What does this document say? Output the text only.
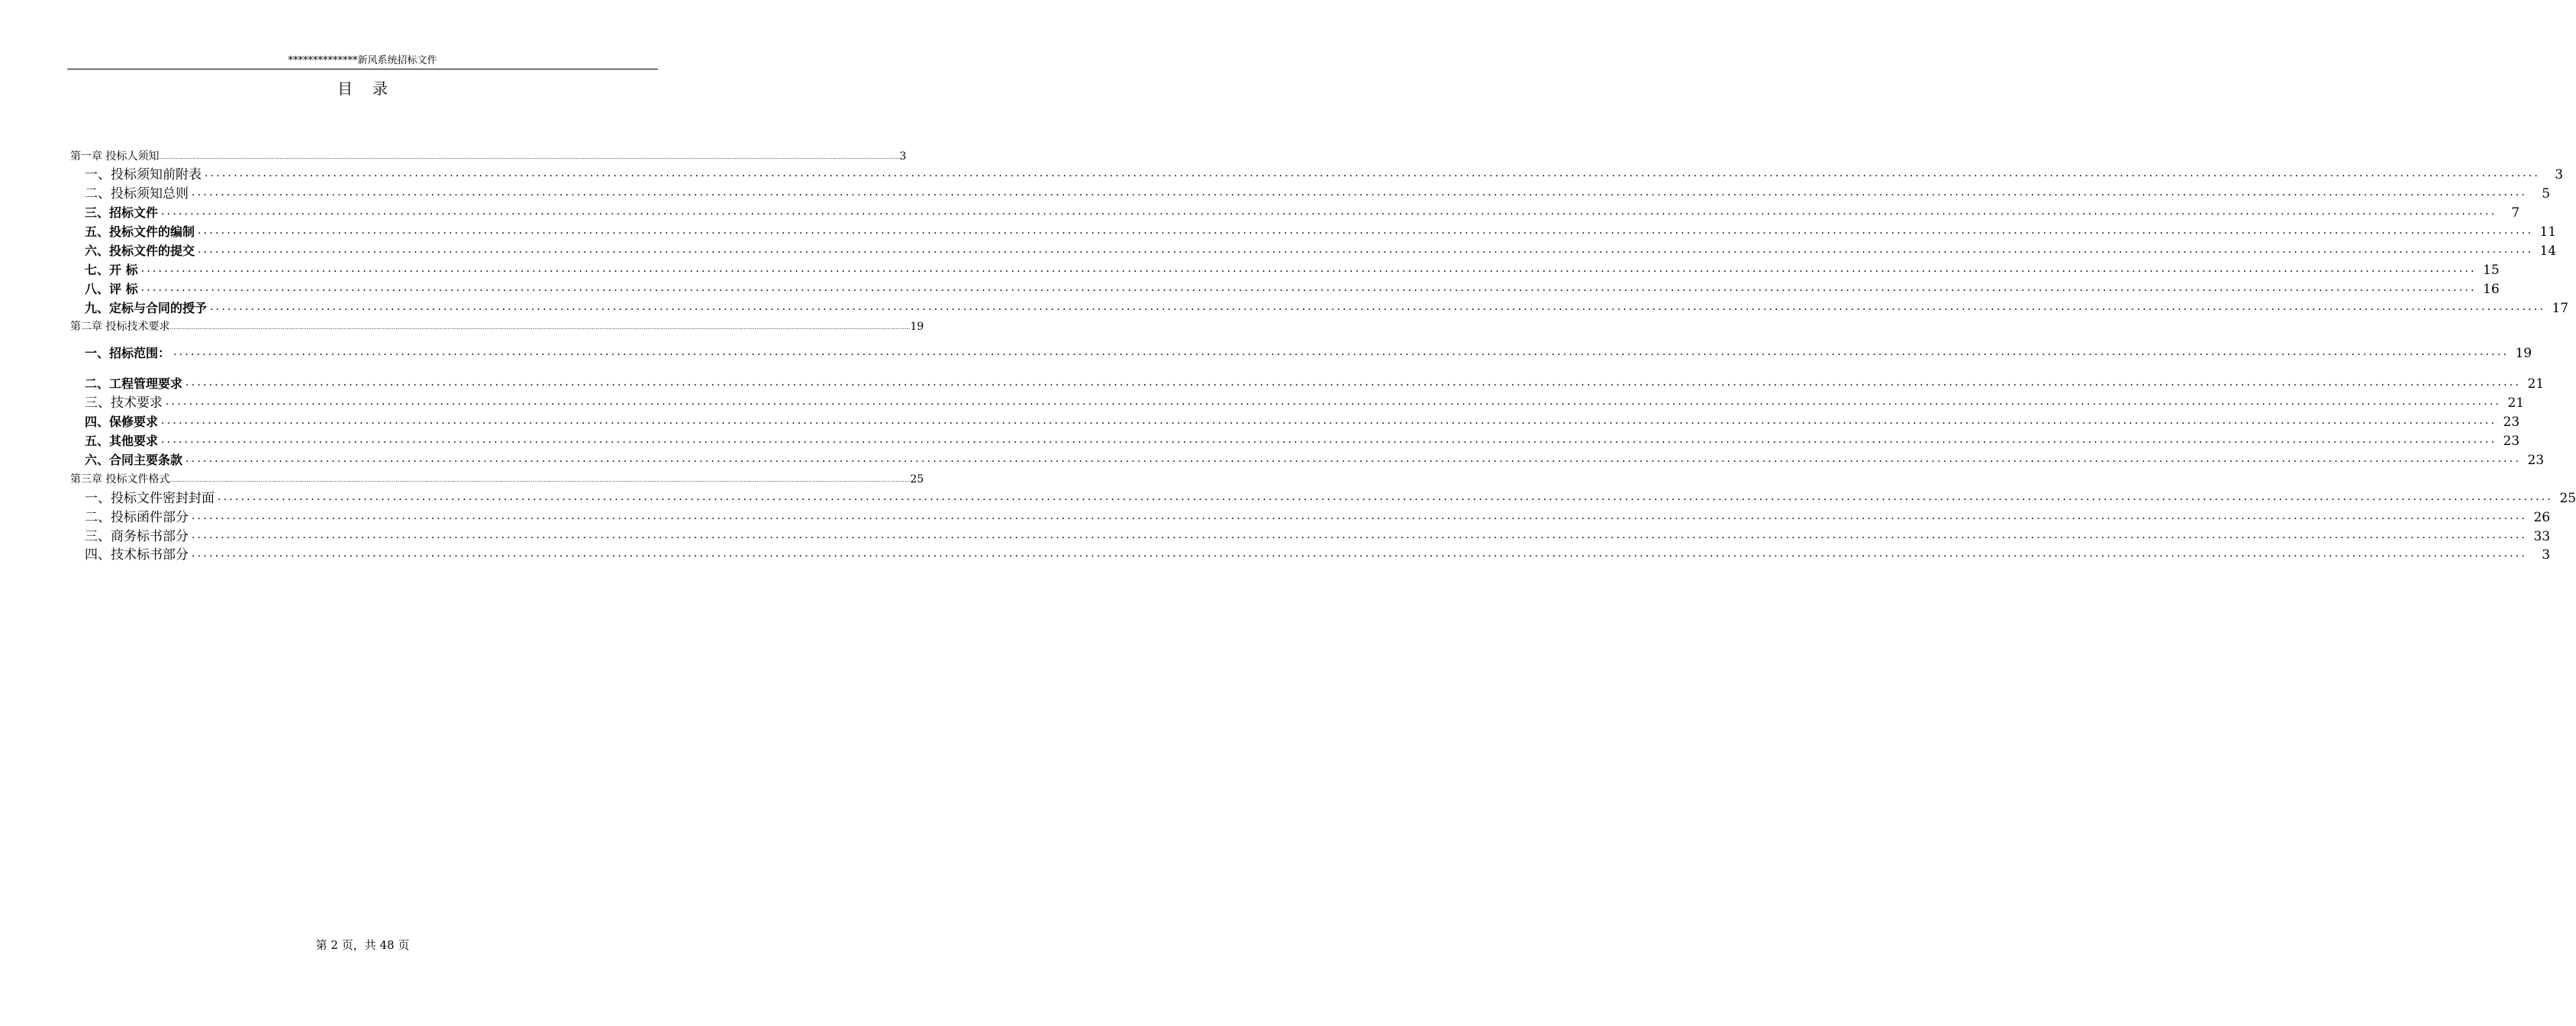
**************新风系统招标文件
目录
第一章 投标人须知 ................................................................................................................................................................................................................................................................................................................................................................................................................ 3
一、投标须知前附表 ................................................................................................................................................................................................................................................................................................................................................................................................................	3
二、投标须知总则 ................................................................................................................................................................................................................................................................................................................................................................................................................	5
三、招标文件 ................................................................................................................................................................................................................................................................................................................................................................................................................	7
五、投标文件的编制 ................................................................................................................................................................................................................................................................................................................................................................................................................ 11
六、投标文件的提交 ................................................................................................................................................................................................................................................................................................................................................................................................................ 14
七、开 标 ................................................................................................................................................................................................................................................................................................................................................................................................................ 15
八、评 标 ................................................................................................................................................................................................................................................................................................................................................................................................................ 16
九、定标与合同的授予 ................................................................................................................................................................................................................................................................................................................................................................................................................ 17
第二章 投标技术要求 ................................................................................................................................................................................................................................................................................................................................................................................................................ 19
一、招标范围： ................................................................................................................................................................................................................................................................................................................................................................................................................ 19
二、工程管理要求 ................................................................................................................................................................................................................................................................................................................................................................................................................ 21
三、技术要求 ................................................................................................................................................................................................................................................................................................................................................................................................................ 21
四、保修要求 ................................................................................................................................................................................................................................................................................................................................................................................................................ 23
五、其他要求 ................................................................................................................................................................................................................................................................................................................................................................................................................ 23
六、合同主要条款 ................................................................................................................................................................................................................................................................................................................................................................................................................ 23
第三章 投标文件格式 ................................................................................................................................................................................................................................................................................................................................................................................................................ 25
一、投标文件密封封面 ................................................................................................................................................................................................................................................................................................................................................................................................................ 25
二、投标函件部分 ................................................................................................................................................................................................................................................................................................................................................................................................................ 26
三、商务标书部分 ................................................................................................................................................................................................................................................................................................................................................................................................................ 33
四、技术标书部分 ................................................................................................................................................................................................................................................................................................................................................................................................................	3
第 2 页，共 48 页
